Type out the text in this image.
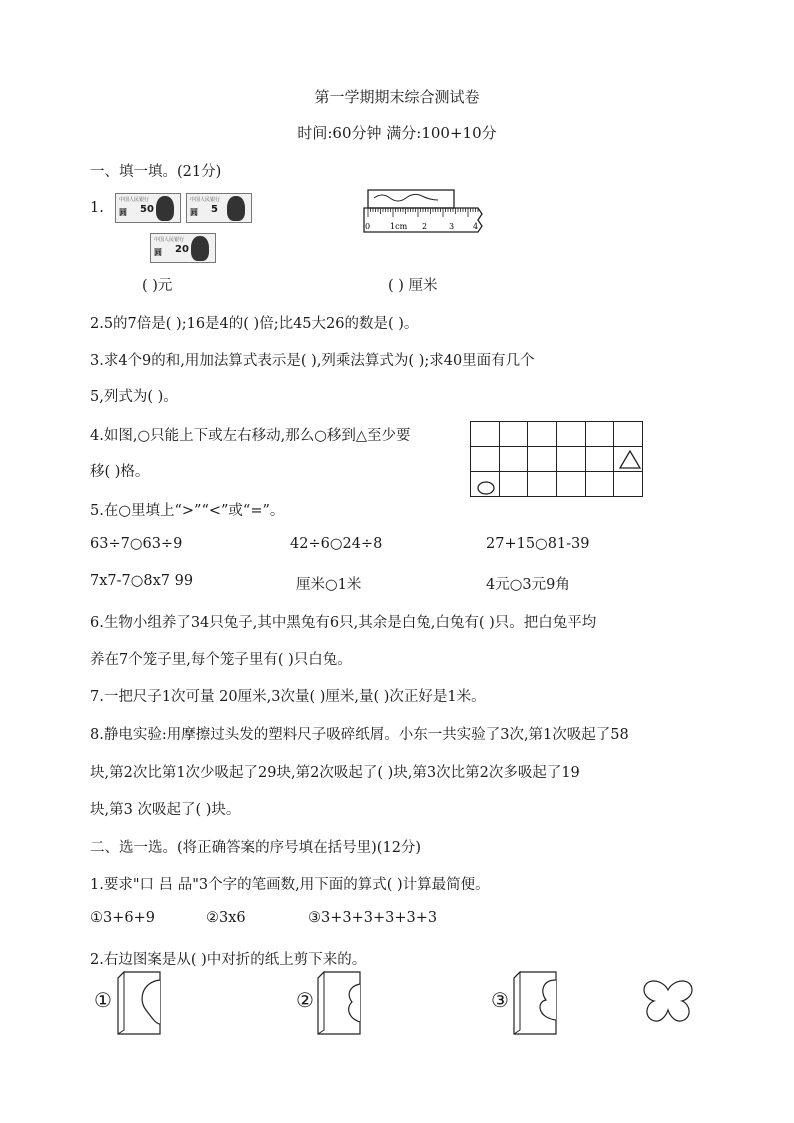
第一学期期末综合测试卷
时间:60分钟 满分:100+10分
一、填一填。(21分)
1.	中国人民银行
圆 50
中国人民银行
圆 5
中国人民银行
圆 20
0 1cm 2	3 4
( )元	( ) 厘米
2.5的7倍是( );16是4的( )倍;比45大26的数是( )。
3.求4个9的和,用加法算式表示是( ),列乘法算式为( );求40里面有几个
5,列式为( )。
4.如图,○只能上下或左右移动,那么○移到△至少要
移( )格。

5.在○里填上“>”“<”或“=”。
63÷7○63÷9	42÷6○24÷8	27+15○81-39
7x7-7○8x7 99	厘米○1米	4元○3元9角
6.生物小组养了34只兔子,其中黑兔有6只,其余是白兔,白兔有( )只。把白兔平均
养在7个笼子里,每个笼子里有( )只白兔。
7.一把尺子1次可量 20厘米,3次量( )厘米,量( )次正好是1米。
8.静电实验:用摩擦过头发的塑料尺子吸碎纸屑。小东一共实验了3次,第1次吸起了58
块,第2次比第1次少吸起了29块,第2次吸起了( )块,第3次比第2次多吸起了19
块,第3 次吸起了( )块。
二、选一选。(将正确答案的序号填在括号里)(12分)
1.要求"口 吕 品"3个字的笔画数,用下面的算式( )计算最简便。
①3+6+9	②3x6	③3+3+3+3+3+3
2.右边图案是从( )中对折的纸上剪下来的。
①	②	③
